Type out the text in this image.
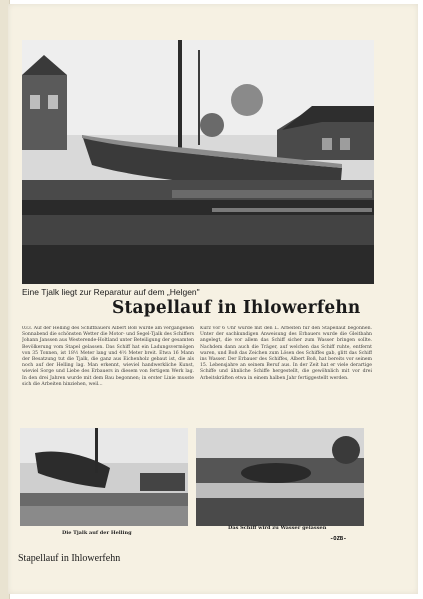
Eine Tjalk liegt zur Reparatur auf dem „Helgen"
Stapellauf in Ihlowerfehn
033. Auf der Helling des Schiffbauers Albert Boß wurde am vergangenen Sonnabend die schönsten Wetter die Motor- und Segel-Tjalk des Schiffers Johann Janssen aus Westerende-Holtland unter Beteiligung der gesamten Bevölkerung vom Stapel gelassen. Das Schiff hat ein Ladungsvermögen von 35 Tonnen, ist 18½ Meter lang und 4½ Meter breit. Etwa 16 Mann der Besatzung tut die Tjalk, die ganz aus Eichenholz gebaut ist, die als noch auf der Helling lag. Man erkennt, wieviel handwerkliche Kunst, wieviel Sorge und Liebe des Erbauers in diesem von fertigem Werk lag. In den drei Jahren wurde mit dem Bau begonnen; in erster Linie musste sich die Arbeiten hinziehen, weil...
Kurz vor 6 Uhr wurde mit den L. Arbeiten für den Stapellauf begonnen. Unter der sachkundigen Anweisung des Erbauers wurde die Gleitbahn angelegt, die vor allem das Schiff sicher zum Wasser bringen sollte. Nachdem dann auch die Träger, auf welchen das Schiff ruhte, entfernt waren, und Boß das Zeichen zum Lösen des Schiffes gab, glitt das Schiff ins Wasser. Der Erbauer des Schiffes, Albert Boß, hat bereits vor seinem 15. Lebensjahre an seinem Beruf aus. In der Zeit hat er viele derartige Schiffe und ähnliche Schiffe hergestellt, die gewöhnlich mit vor drei Arbeitskräften etwa in einem halben Jahr fertiggestellt werden.
Die Tjalk auf der Helling
Das Schiff wird zu Wasser gelassen
-OZB-
Stapellauf in Ihlowerfehn
